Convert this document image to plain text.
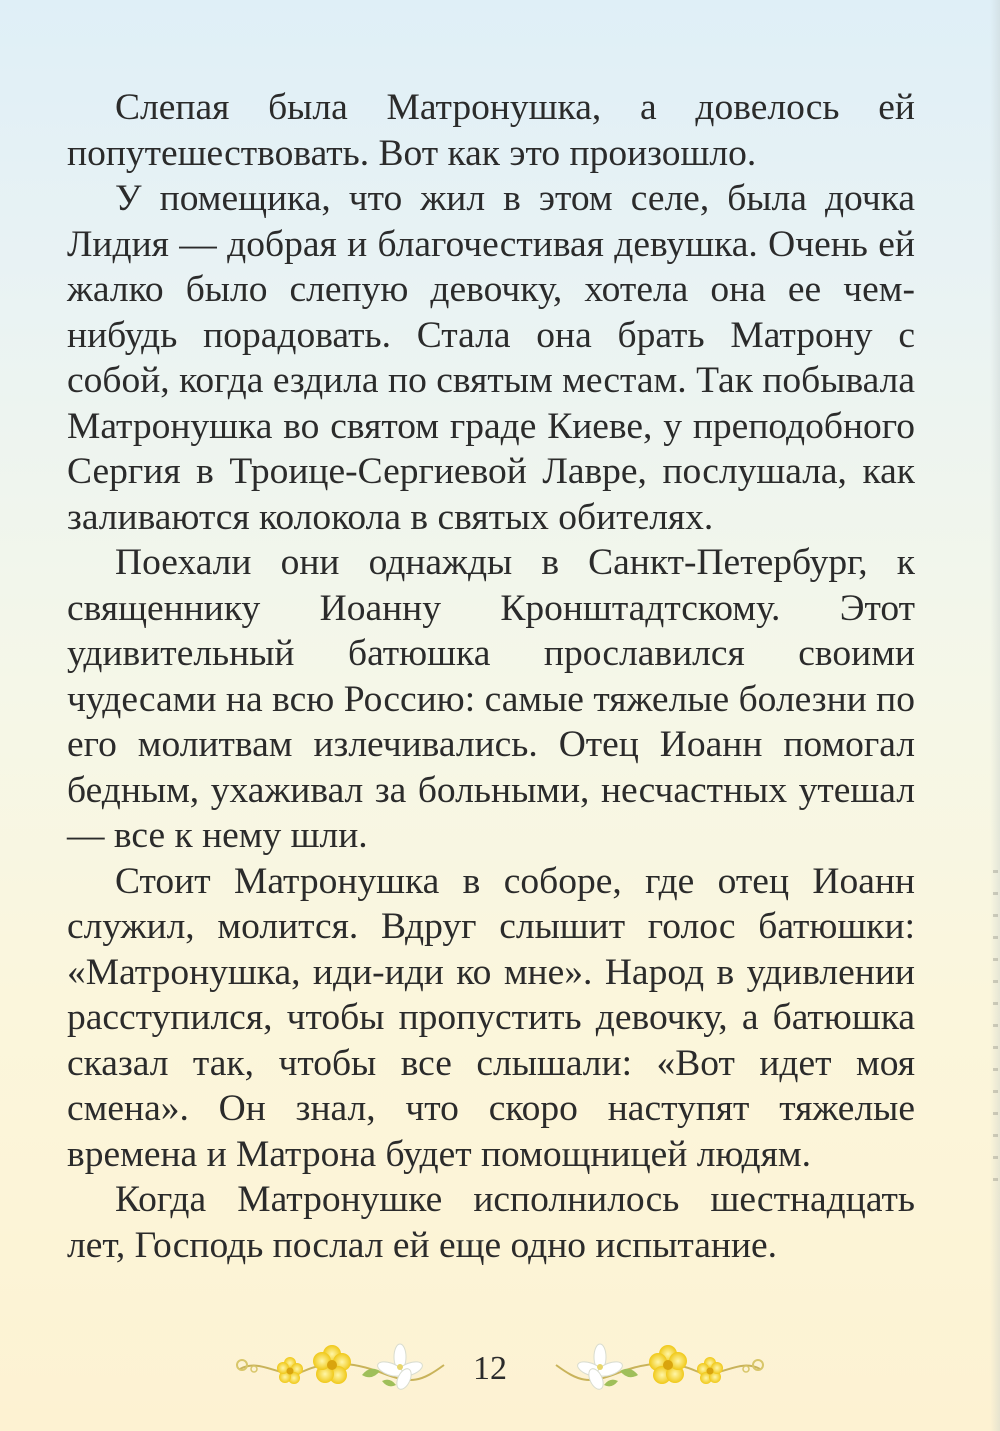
Слепая была Матронушка, а довелось ей попутешествовать. Вот как это произошло.

У помещика, что жил в этом селе, была дочка Лидия — добрая и благочестивая девушка. Очень ей жалко было слепую девочку, хотела она ее чем-нибудь порадовать. Стала она брать Матрону с собой, когда ездила по святым местам. Так побывала Матронушка во святом граде Киеве, у преподобного Сергия в Троице-Сергиевой Лавре, послушала, как заливаются колокола в святых обителях.

Поехали они однажды в Санкт-Петербург, к священнику Иоанну Кронштадтскому. Этот удивительный батюшка прославился своими чудесами на всю Россию: самые тяжелые болезни по его молитвам излечивались. Отец Иоанн помогал бедным, ухаживал за больными, несчастных утешал — все к нему шли.

Стоит Матронушка в соборе, где отец Иоанн служил, молится. Вдруг слышит голос батюшки: «Матронушка, иди-иди ко мне». Народ в удивлении расступился, чтобы пропустить девочку, а батюшка сказал так, чтобы все слышали: «Вот идет моя смена». Он знал, что скоро наступят тяжелые времена и Матрона будет помощницей людям.

Когда Матронушке исполнилось шестнадцать лет, Господь послал ей еще одно испытание.

12
